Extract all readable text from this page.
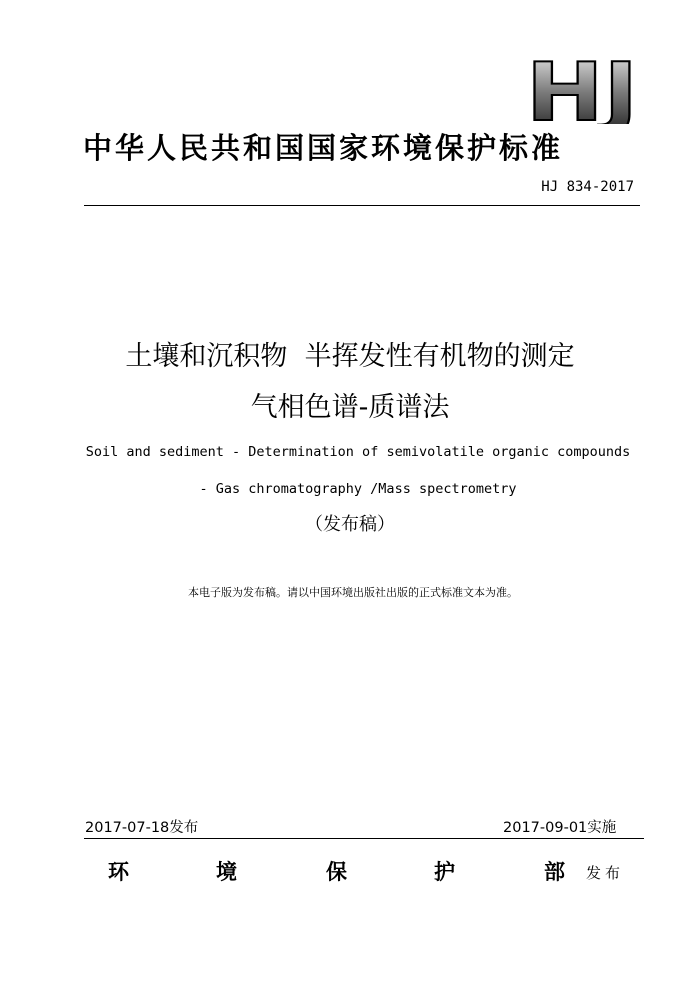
HJ
中华人民共和国国家环境保护标准
HJ 834-2017
土壤和沉积物  半挥发性有机物的测定
气相色谱-质谱法
Soil and sediment - Determination of semivolatile organic compounds
- Gas chromatography /Mass spectrometry
（发布稿）
本电子版为发布稿。请以中国环境出版社出版的正式标准文本为准。
2017-07-18发布	2017-09-01实施
环	境	保	护	部 发布
